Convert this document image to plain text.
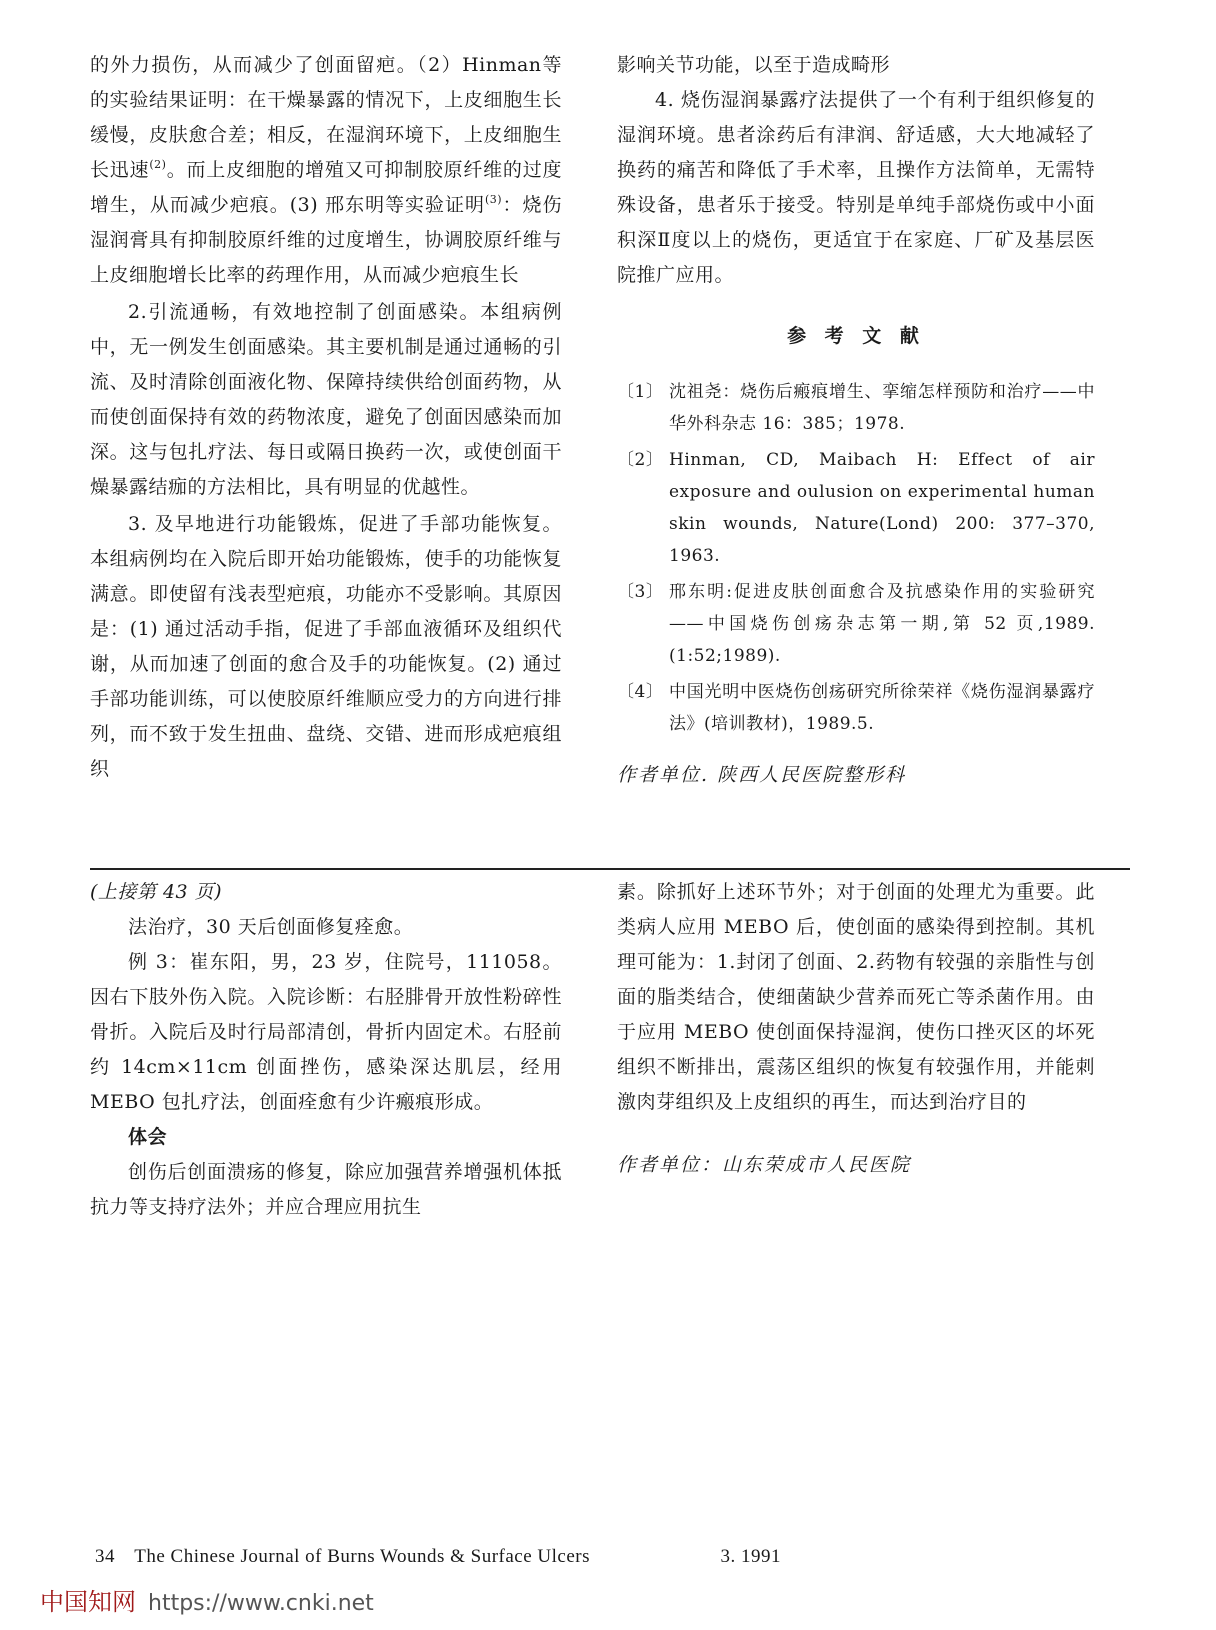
的外力损伤，从而减少了创面留疤。（2）Hinman等的实验结果证明：在干燥暴露的情况下，上皮细胞生长缓慢，皮肤愈合差；相反，在湿润环境下，上皮细胞生长迅速$^{(2)}$。而上皮细胞的增殖又可抑制胶原纤维的过度增生，从而减少疤痕。(3) 邢东明等实验证明$^{(3)}$：烧伤湿润膏具有抑制胶原纤维的过度增生，协调胶原纤维与上皮细胞增长比率的药理作用，从而减少疤痕生长

2.引流通畅，有效地控制了创面感染。本组病例中，无一例发生创面感染。其主要机制是通过通畅的引流、及时清除创面液化物、保障持续供给创面药物，从而使创面保持有效的药物浓度，避免了创面因感染而加深。这与包扎疗法、每日或隔日换药一次，或使创面干燥暴露结痂的方法相比，具有明显的优越性。

3. 及早地进行功能锻炼，促进了手部功能恢复。本组病例均在入院后即开始功能锻炼，使手的功能恢复满意。即使留有浅表型疤痕，功能亦不受影响。其原因是：(1) 通过活动手指，促进了手部血液循环及组织代谢，从而加速了创面的愈合及手的功能恢复。(2) 通过手部功能训练，可以使胶原纤维顺应受力的方向进行排列，而不致于发生扭曲、盘绕、交错、进而形成疤痕组织

影响关节功能，以至于造成畸形

4. 烧伤湿润暴露疗法提供了一个有利于组织修复的湿润环境。患者涂药后有津润、舒适感，大大地减轻了换药的痛苦和降低了手术率，且操作方法简单，无需特殊设备，患者乐于接受。特别是单纯手部烧伤或中小面积深Ⅱ度以上的烧伤，更适宜于在家庭、厂矿及基层医院推广应用。

参 考 文 献
〔1〕 沈祖尧：烧伤后瘢痕增生、挛缩怎样预防和治疗——中华外科杂志 16：385；1978.
〔2〕 Hinman, CD, Maibach H: Effect of air exposure and oulusion on experimental human skin wounds, Nature(Lond) 200: 377–370, 1963.
〔3〕 邢东明:促进皮肤创面愈合及抗感染作用的实验研究——中国烧伤创疡杂志第一期,第 52 页,1989.(1:52;1989).
〔4〕 中国光明中医烧伤创疡研究所徐荣祥《烧伤湿润暴露疗法》(培训教材)，1989.5.

作者单位. 陕西人民医院整形科

(上接第 43 页)

法治疗，30 天后创面修复痊愈。

例 3：崔东阳，男，23 岁，住院号，111058。因右下肢外伤入院。入院诊断：右胫腓骨开放性粉碎性骨折。入院后及时行局部清创，骨折内固定术。右胫前约 14cm×11cm 创面挫伤，感染深达肌层，经用 MEBO 包扎疗法，创面痊愈有少许瘢痕形成。

体会

创伤后创面溃疡的修复，除应加强营养增强机体抵抗力等支持疗法外；并应合理应用抗生

素。除抓好上述环节外；对于创面的处理尤为重要。此类病人应用 MEBO 后，使创面的感染得到控制。其机理可能为：1.封闭了创面、2.药物有较强的亲脂性与创面的脂类结合，使细菌缺少营养而死亡等杀菌作用。由于应用 MEBO 使创面保持湿润，使伤口挫灭区的坏死组织不断排出，震荡区组织的恢复有较强作用，并能刺激肉芽组织及上皮组织的再生，而达到治疗目的

作者单位：山东荣成市人民医院

34 The Chinese Journal of Burns Wounds & Surface Ulcers	3. 1991
中国知网 https://www.cnki.net
